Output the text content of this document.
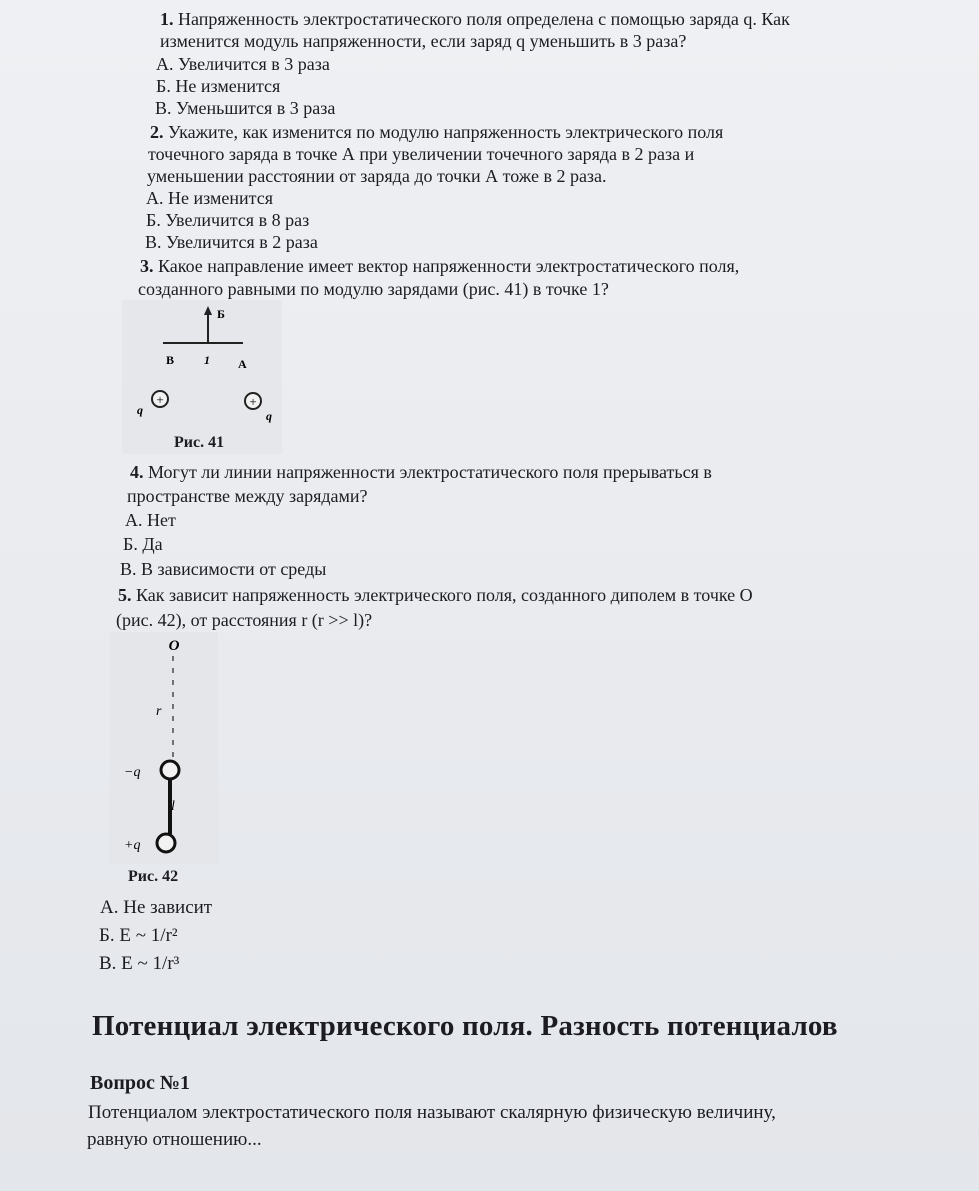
1. Напряженность электростатического поля определена с помощью заряда q. Как
изменится модуль напряженности, если заряд q уменьшить в 3 раза?
А. Увеличится в 3 раза
Б. Не изменится
В. Уменьшится в 3 раза
2. Укажите, как изменится по модулю напряженность электрического поля
точечного заряда в точке А при увеличении точечного заряда в 2 раза и
уменьшении расстоянии от заряда до точки А тоже в 2 раза.
А. Не изменится
Б. Увеличится в 8 раз
В. Увеличится в 2 раза
3. Какое направление имеет вектор напряженности электростатического поля,
созданного равными по модулю зарядами (рис. 41) в точке 1?
Б
В 1 А
+	+
q	q
Рис. 41
4. Могут ли линии напряженности электростатического поля прерываться в
пространстве между зарядами?
А. Нет
Б. Да
В. В зависимости от среды
5. Как зависит напряженность электрического поля, созданного диполем в точке О
(рис. 42), от расстояния r (r >> l)?
O
r
−q
l
+q
Рис. 42
А. Не зависит
Б. E ~ 1/r²
В. E ~ 1/r³
Потенциал электрического поля. Разность потенциалов
Вопрос №1
Потенциалом электростатического поля называют скалярную физическую величину,
равную отношению...
